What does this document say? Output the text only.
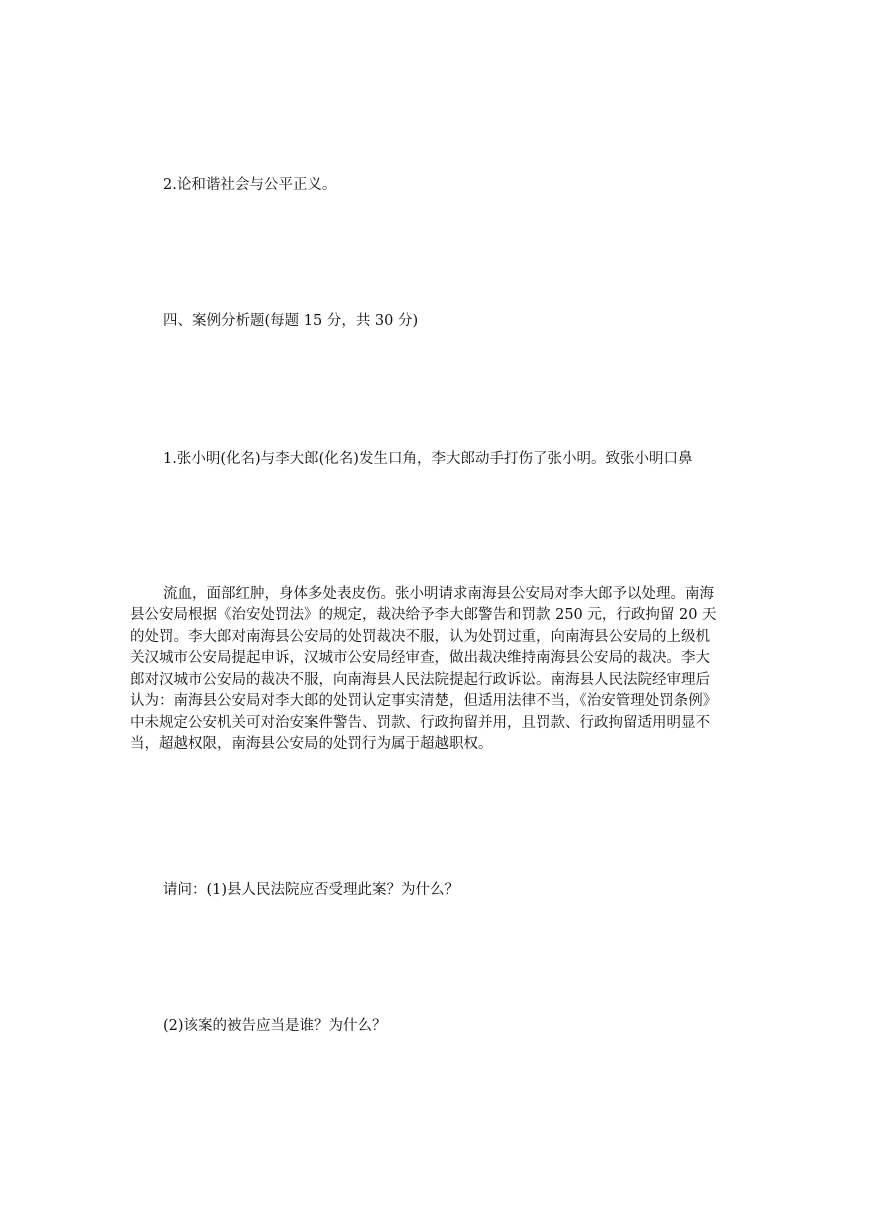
2.论和谐社会与公平正义。

四、案例分析题(每题 15 分，共 30 分)

1.张小明(化名)与李大郎(化名)发生口角，李大郎动手打伤了张小明。致张小明口鼻

流血，面部红肿，身体多处表皮伤。张小明请求南海县公安局对李大郎予以处理。南海

县公安局根据《治安处罚法》的规定，裁决给予李大郎警告和罚款 250 元，行政拘留 20 天

的处罚。李大郎对南海县公安局的处罚裁决不服，认为处罚过重，向南海县公安局的上级机

关汉城市公安局提起申诉，汉城市公安局经审查，做出裁决维持南海县公安局的裁决。李大

郎对汉城市公安局的裁决不服，向南海县人民法院提起行政诉讼。南海县人民法院经审理后

认为：南海县公安局对李大郎的处罚认定事实清楚，但适用法律不当，《治安管理处罚条例》

中未规定公安机关可对治安案件警告、罚款、行政拘留并用，且罚款、行政拘留适用明显不

当，超越权限，南海县公安局的处罚行为属于超越职权。

请问：(1)县人民法院应否受理此案？为什么？

(2)该案的被告应当是谁？为什么？
